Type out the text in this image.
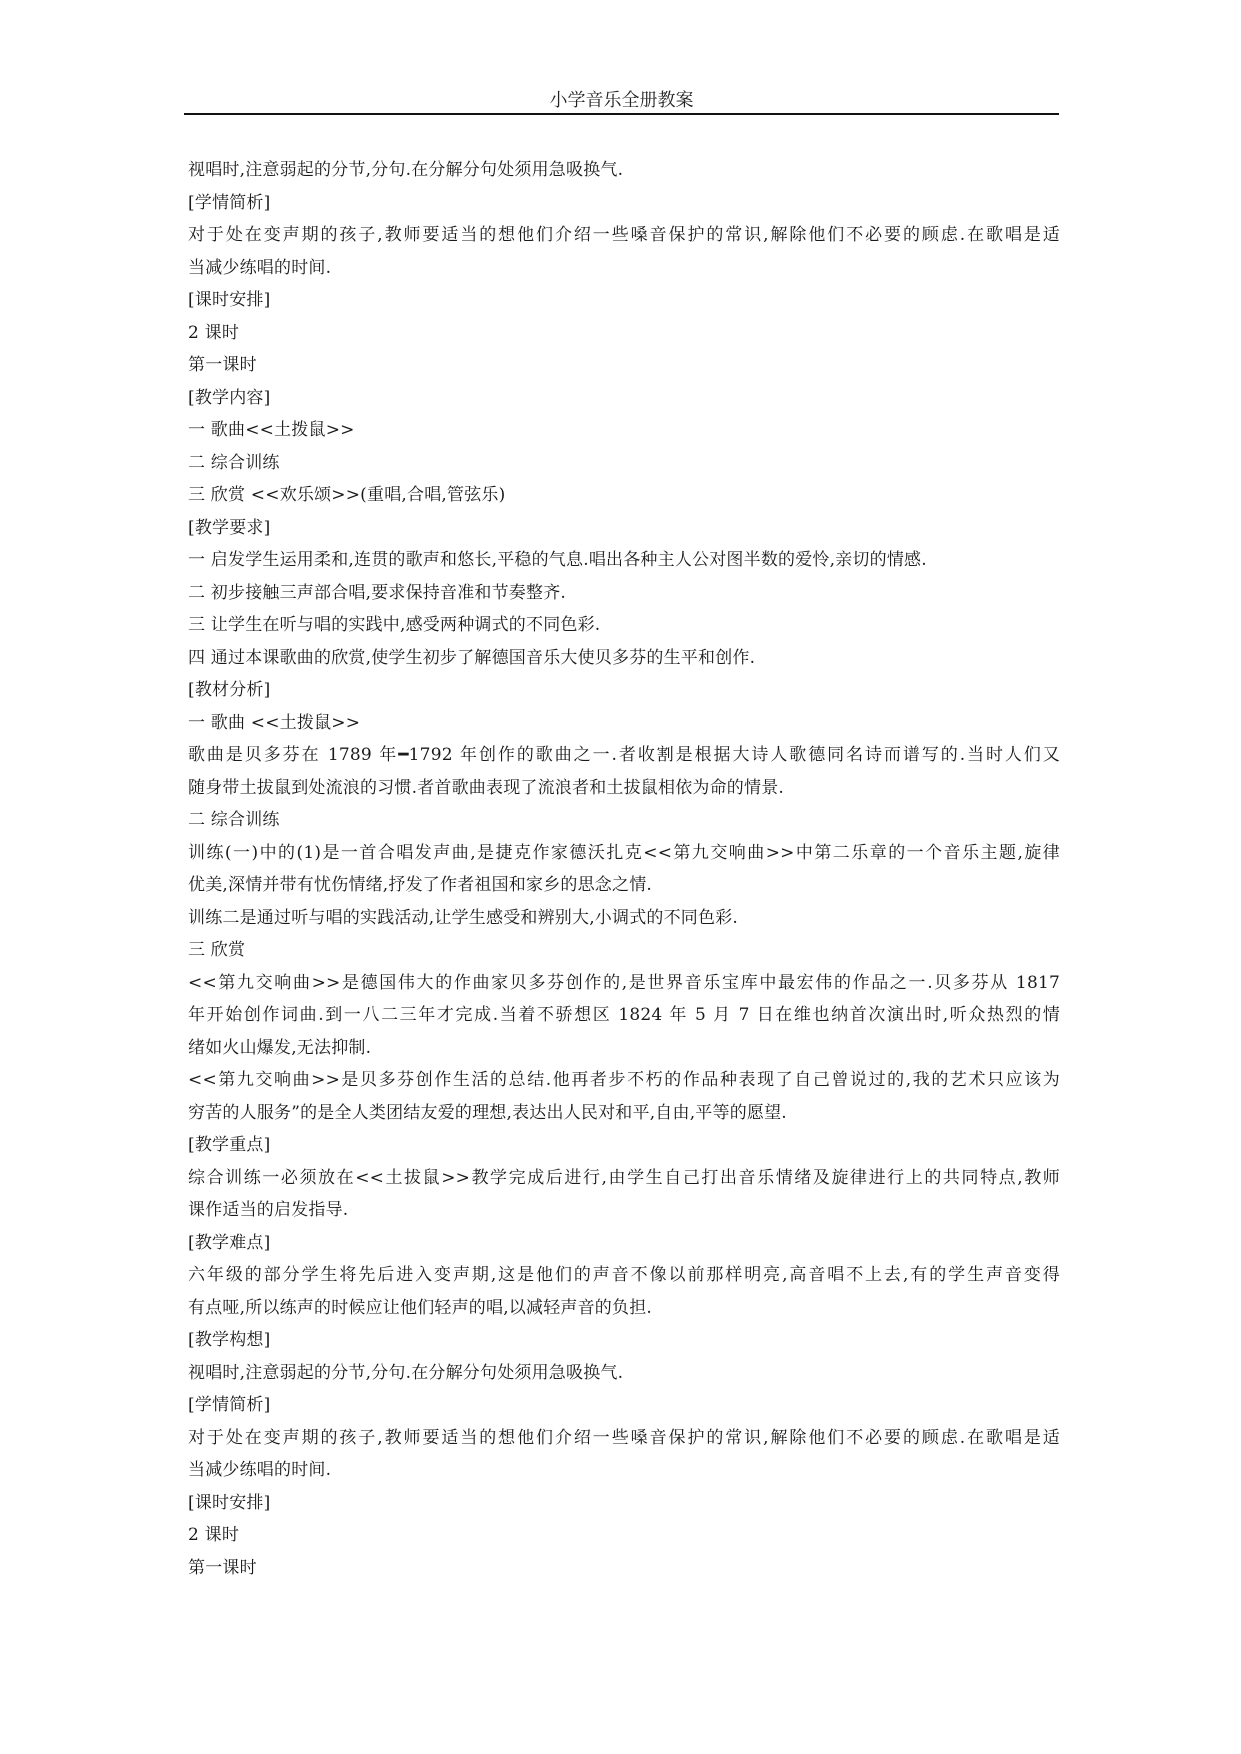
小学音乐全册教案
视唱时,注意弱起的分节,分句.在分解分句处须用急吸换气.
[学情简析]
对于处在变声期的孩子,教师要适当的想他们介绍一些嗓音保护的常识,解除他们不必要的顾虑.在歌唱是适
当减少练唱的时间.
[课时安排]
2 课时
第一课时
[教学内容]
一 歌曲<<土拨鼠>>
二 综合训练
三 欣赏 <<欢乐颂>>(重唱,合唱,管弦乐)
[教学要求]
一 启发学生运用柔和,连贯的歌声和悠长,平稳的气息.唱出各种主人公对图半数的爱怜,亲切的情感.
二 初步接触三声部合唱,要求保持音准和节奏整齐.
三 让学生在听与唱的实践中,感受两种调式的不同色彩.
四 通过本课歌曲的欣赏,使学生初步了解德国音乐大使贝多芬的生平和创作.
[教材分析]
一 歌曲 <<土拨鼠>>
歌曲是贝多芬在 1789 年━1792 年创作的歌曲之一.者收割是根据大诗人歌德同名诗而谱写的.当时人们又
随身带土拔鼠到处流浪的习惯.者首歌曲表现了流浪者和土拔鼠相依为命的情景.
二 综合训练
训练(一)中的(1)是一首合唱发声曲,是捷克作家德沃扎克<<第九交响曲>>中第二乐章的一个音乐主题,旋律
优美,深情并带有忧伤情绪,抒发了作者祖国和家乡的思念之情.
训练二是通过听与唱的实践活动,让学生感受和辨别大,小调式的不同色彩.
三 欣赏
<<第九交响曲>>是德国伟大的作曲家贝多芬创作的,是世界音乐宝库中最宏伟的作品之一.贝多芬从 1817
年开始创作词曲.到一八二三年才完成.当着不骄想区 1824 年 5 月 7 日在维也纳首次演出时,听众热烈的情
绪如火山爆发,无法抑制.
<<第九交响曲>>是贝多芬创作生活的总结.他再者步不朽的作品种表现了自己曾说过的,我的艺术只应该为
穷苦的人服务”的是全人类团结友爱的理想,表达出人民对和平,自由,平等的愿望.
[教学重点]
综合训练一必须放在<<土拔鼠>>教学完成后进行,由学生自己打出音乐情绪及旋律进行上的共同特点,教师
课作适当的启发指导.
[教学难点]
六年级的部分学生将先后进入变声期,这是他们的声音不像以前那样明亮,高音唱不上去,有的学生声音变得
有点哑,所以练声的时候应让他们轻声的唱,以减轻声音的负担.
[教学构想]
视唱时,注意弱起的分节,分句.在分解分句处须用急吸换气.
[学情简析]
对于处在变声期的孩子,教师要适当的想他们介绍一些嗓音保护的常识,解除他们不必要的顾虑.在歌唱是适
当减少练唱的时间.
[课时安排]
2 课时
第一课时
